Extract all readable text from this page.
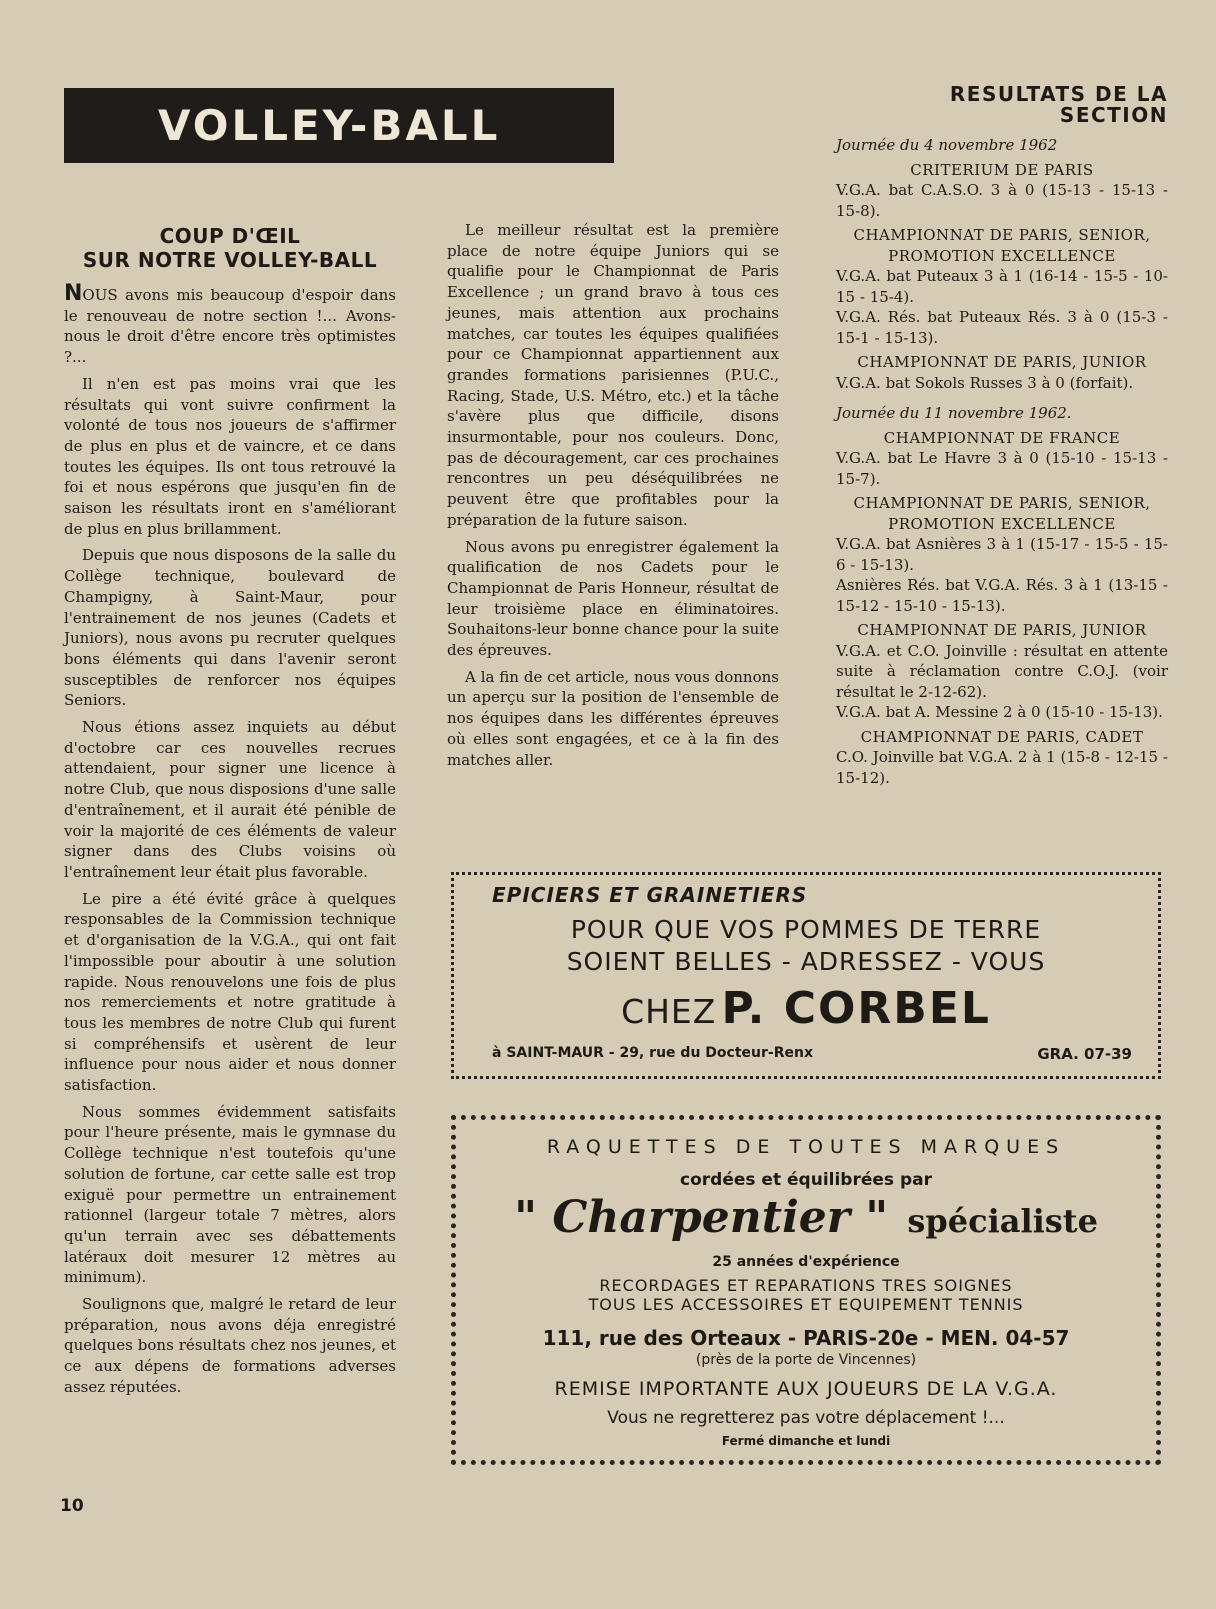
VOLLEY-BALL
COUP D'ŒIL
SUR NOTRE VOLLEY-BALL

NOUS avons mis beaucoup d'espoir dans le renouveau de notre section !... Avons-nous le droit d'être encore très optimistes ?...

Il n'en est pas moins vrai que les résultats qui vont suivre confirment la volonté de tous nos joueurs de s'affirmer de plus en plus et de vaincre, et ce dans toutes les équipes. Ils ont tous retrouvé la foi et nous espérons que jusqu'en fin de saison les résultats iront en s'améliorant de plus en plus brillamment.

Depuis que nous disposons de la salle du Collège technique, boulevard de Champigny, à Saint-Maur, pour l'entrainement de nos jeunes (Cadets et Juniors), nous avons pu recruter quelques bons éléments qui dans l'avenir seront susceptibles de renforcer nos équipes Seniors.

Nous étions assez inquiets au début d'octobre car ces nouvelles recrues attendaient, pour signer une licence à notre Club, que nous disposions d'une salle d'entraînement, et il aurait été pénible de voir la majorité de ces éléments de valeur signer dans des Clubs voisins où l'entraînement leur était plus favorable.

Le pire a été évité grâce à quelques responsables de la Commission technique et d'organisation de la V.G.A., qui ont fait l'impossible pour aboutir à une solution rapide. Nous renouvelons une fois de plus nos remerciements et notre gratitude à tous les membres de notre Club qui furent si compréhensifs et usèrent de leur influence pour nous aider et nous donner satisfaction.

Nous sommes évidemment satisfaits pour l'heure présente, mais le gymnase du Collège technique n'est toutefois qu'une solution de fortune, car cette salle est trop exiguë pour permettre un entrainement rationnel (largeur totale 7 mètres, alors qu'un terrain avec ses débattements latéraux doit mesurer 12 mètres au minimum).

Soulignons que, malgré le retard de leur préparation, nous avons déja enregistré quelques bons résultats chez nos jeunes, et ce aux dépens de formations adverses assez réputées.

Le meilleur résultat est la première place de notre équipe Juniors qui se qualifie pour le Championnat de Paris Excellence ; un grand bravo à tous ces jeunes, mais attention aux prochains matches, car toutes les équipes qualifiées pour ce Championnat appartiennent aux grandes formations parisiennes (P.U.C., Racing, Stade, U.S. Métro, etc.) et la tâche s'avère plus que difficile, disons insurmontable, pour nos couleurs. Donc, pas de découragement, car ces prochaines rencontres un peu déséquilibrées ne peuvent être que profitables pour la préparation de la future saison.

Nous avons pu enregistrer également la qualification de nos Cadets pour le Championnat de Paris Honneur, résultat de leur troisième place en éliminatoires. Souhaitons-leur bonne chance pour la suite des épreuves.

A la fin de cet article, nous vous donnons un aperçu sur la position de l'ensemble de nos équipes dans les différentes épreuves où elles sont engagées, et ce à la fin des matches aller.

RESULTATS DE LA SECTION
Journée du 4 novembre 1962
CRITERIUM DE PARIS
V.G.A. bat C.A.S.O. 3 à 0 (15-13 - 15-13 - 15-8).
CHAMPIONNAT DE PARIS, SENIOR,
PROMOTION EXCELLENCE
V.G.A. bat Puteaux 3 à 1 (16-14 - 15-5 - 10-15 - 15-4).
V.G.A. Rés. bat Puteaux Rés. 3 à 0 (15-3 - 15-1 - 15-13).
CHAMPIONNAT DE PARIS, JUNIOR
V.G.A. bat Sokols Russes 3 à 0 (forfait).
Journée du 11 novembre 1962.
CHAMPIONNAT DE FRANCE
V.G.A. bat Le Havre 3 à 0 (15-10 - 15-13 - 15-7).
CHAMPIONNAT DE PARIS, SENIOR,
PROMOTION EXCELLENCE
V.G.A. bat Asnières 3 à 1 (15-17 - 15-5 - 15-6 - 15-13).
Asnières Rés. bat V.G.A. Rés. 3 à 1 (13-15 - 15-12 - 15-10 - 15-13).
CHAMPIONNAT DE PARIS, JUNIOR
V.G.A. et C.O. Joinville : résultat en attente suite à réclamation contre C.O.J. (voir résultat le 2-12-62).
V.G.A. bat A. Messine 2 à 0 (15-10 - 15-13).
CHAMPIONNAT DE PARIS, CADET
C.O. Joinville bat V.G.A. 2 à 1 (15-8 - 12-15 - 15-12).
EPICIERS ET GRAINETIERS
POUR QUE VOS POMMES DE TERRE
SOIENT BELLES - ADRESSEZ - VOUS
CHEZ P. CORBEL
à SAINT-MAUR - 29, rue du Docteur-Renx	GRA. 07-39
RAQUETTES DE TOUTES MARQUES
cordées et équilibrées par
" Charpentier " spécialiste
25 années d'expérience
RECORDAGES ET REPARATIONS TRES SOIGNES
TOUS LES ACCESSOIRES ET EQUIPEMENT TENNIS
111, rue des Orteaux - PARIS-20e - MEN. 04-57
(près de la porte de Vincennes)
REMISE IMPORTANTE AUX JOUEURS DE LA V.G.A.
Vous ne regretterez pas votre déplacement !...
Fermé dimanche et lundi
10
